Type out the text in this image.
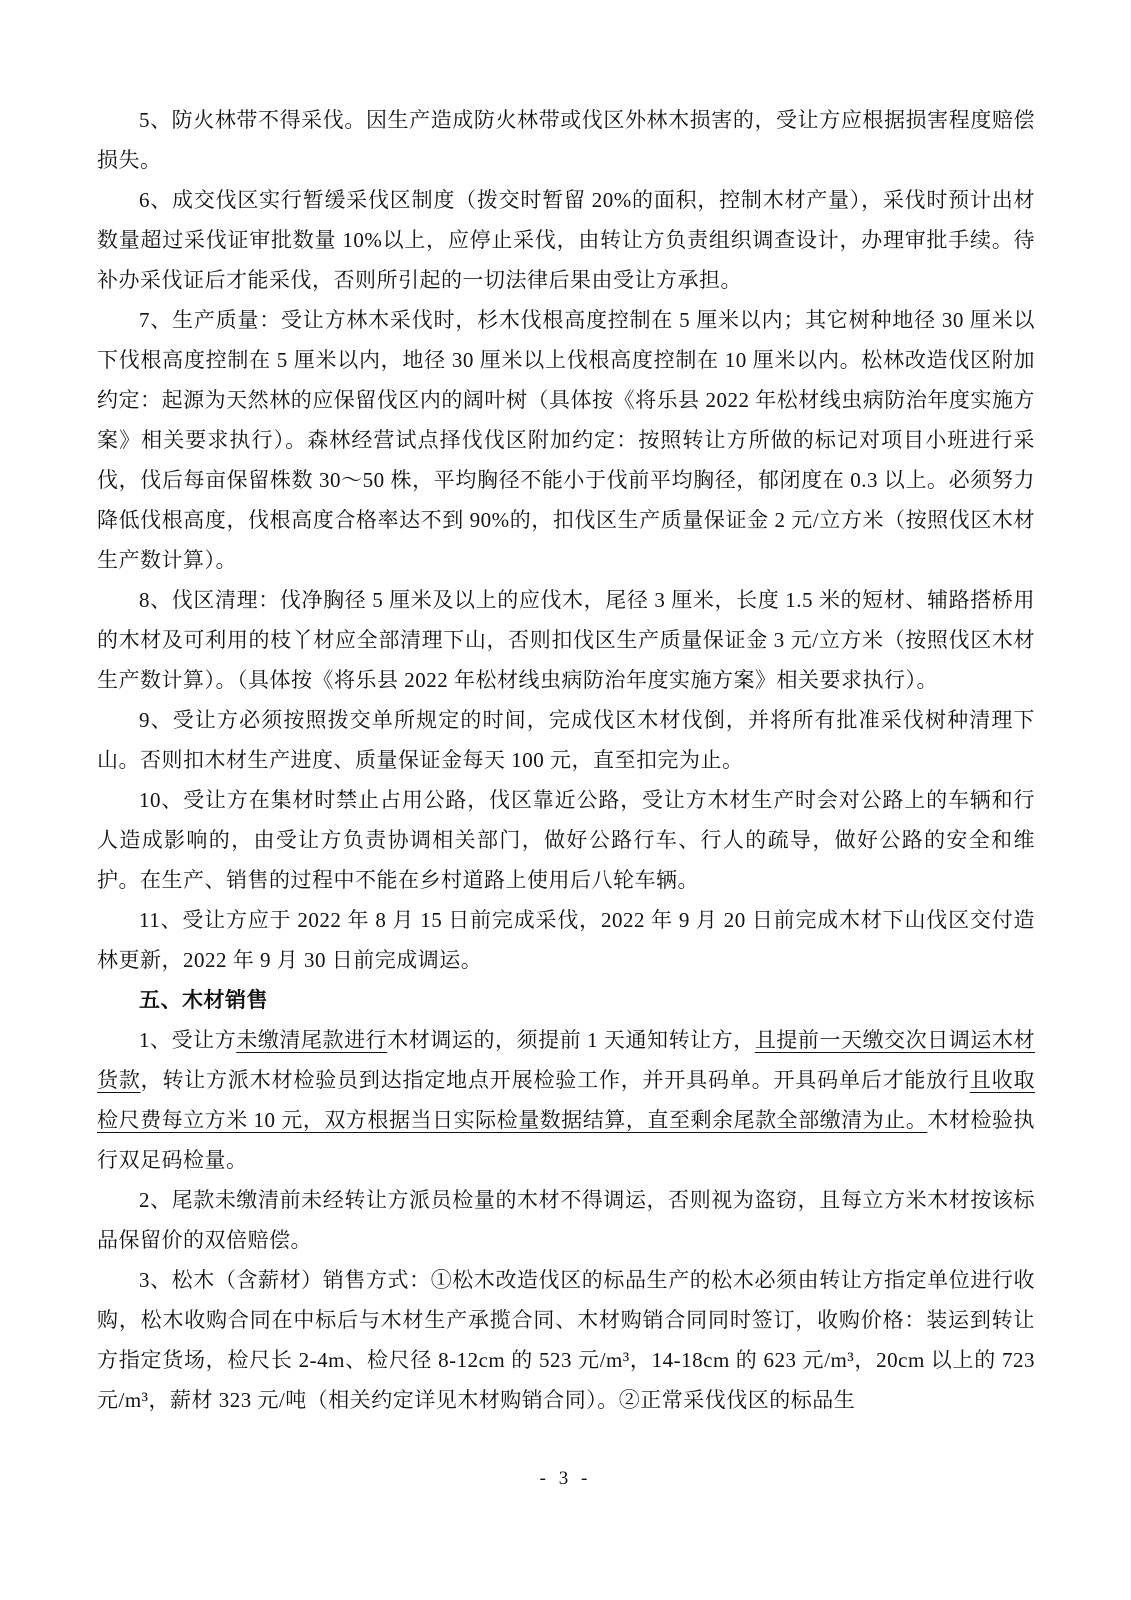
5、防火林带不得采伐。因生产造成防火林带或伐区外林木损害的，受让方应根据损害程度赔偿损失。

6、成交伐区实行暂缓采伐区制度（拨交时暂留 20%的面积，控制木材产量），采伐时预计出材数量超过采伐证审批数量 10%以上，应停止采伐，由转让方负责组织调查设计，办理审批手续。待补办采伐证后才能采伐，否则所引起的一切法律后果由受让方承担。

7、生产质量：受让方林木采伐时，杉木伐根高度控制在 5 厘米以内；其它树种地径 30 厘米以下伐根高度控制在 5 厘米以内，地径 30 厘米以上伐根高度控制在 10 厘米以内。松林改造伐区附加约定：起源为天然林的应保留伐区内的阔叶树（具体按《将乐县 2022 年松材线虫病防治年度实施方案》相关要求执行）。森林经营试点择伐伐区附加约定：按照转让方所做的标记对项目小班进行采伐，伐后每亩保留株数 30～50 株，平均胸径不能小于伐前平均胸径，郁闭度在 0.3 以上。必须努力降低伐根高度，伐根高度合格率达不到 90%的，扣伐区生产质量保证金 2 元/立方米（按照伐区木材生产数计算）。

8、伐区清理：伐净胸径 5 厘米及以上的应伐木，尾径 3 厘米，长度 1.5 米的短材、辅路搭桥用的木材及可利用的枝丫材应全部清理下山，否则扣伐区生产质量保证金 3 元/立方米（按照伐区木材生产数计算）。（具体按《将乐县 2022 年松材线虫病防治年度实施方案》相关要求执行）。

9、受让方必须按照拨交单所规定的时间，完成伐区木材伐倒，并将所有批准采伐树种清理下山。否则扣木材生产进度、质量保证金每天 100 元，直至扣完为止。

10、受让方在集材时禁止占用公路，伐区靠近公路，受让方木材生产时会对公路上的车辆和行人造成影响的，由受让方负责协调相关部门，做好公路行车、行人的疏导，做好公路的安全和维护。在生产、销售的过程中不能在乡村道路上使用后八轮车辆。

11、受让方应于 2022 年 8 月 15 日前完成采伐，2022 年 9 月 20 日前完成木材下山伐区交付造林更新，2022 年 9 月 30 日前完成调运。

五、木材销售

1、受让方未缴清尾款进行木材调运的，须提前 1 天通知转让方，且提前一天缴交次日调运木材货款，转让方派木材检验员到达指定地点开展检验工作，并开具码单。开具码单后才能放行且收取检尺费每立方米 10 元，双方根据当日实际检量数据结算，直至剩余尾款全部缴清为止。木材检验执行双足码检量。

2、尾款未缴清前未经转让方派员检量的木材不得调运，否则视为盗窃，且每立方米木材按该标品保留价的双倍赔偿。

3、松木（含薪材）销售方式：①松木改造伐区的标品生产的松木必须由转让方指定单位进行收购，松木收购合同在中标后与木材生产承揽合同、木材购销合同同时签订，收购价格：装运到转让方指定货场，检尺长 2-4m、检尺径 8-12cm 的 523 元/m³，14-18cm 的 623 元/m³，20cm 以上的 723 元/m³，薪材 323 元/吨（相关约定详见木材购销合同）。②正常采伐伐区的标品生

- 3 -
